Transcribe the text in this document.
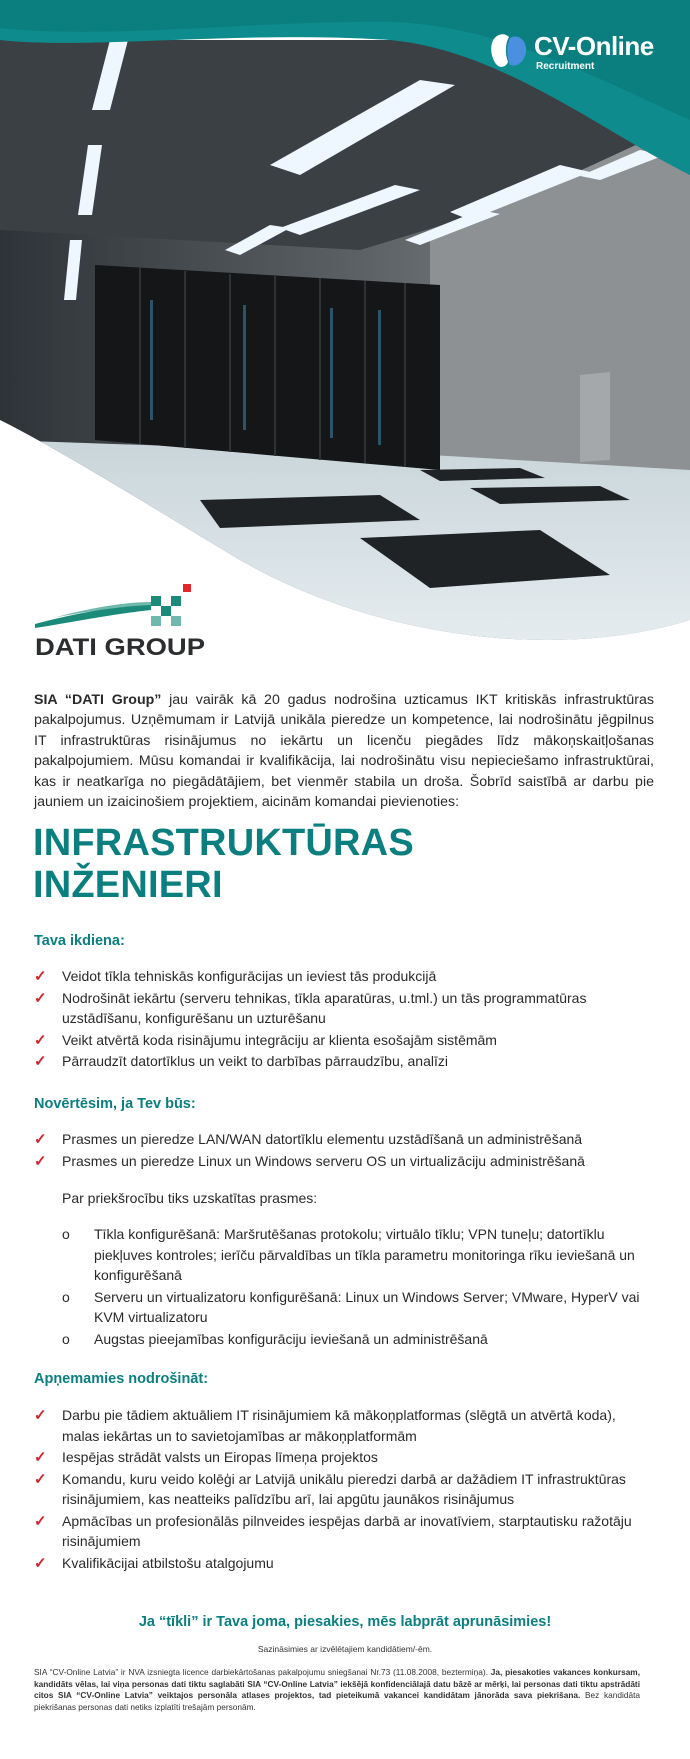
CV-Online
Recruitment
DATI GROUP
SIA “DATI Group” jau vairāk kā 20 gadus nodrošina uzticamus IKT kritiskās infrastruktūras pakalpojumus. Uzņēmumam ir Latvijā unikāla pieredze un kompetence, lai nodrošinātu jēgpilnus IT infrastruktūras risinājumus no iekārtu un licenču piegādes līdz mākoņskaitļošanas pakalpojumiem. Mūsu komandai ir kvalifikācija, lai nodrošinātu visu nepieciešamo infrastruktūrai, kas ir neatkarīga no piegādātājiem, bet vienmēr stabila un droša. Šobrīd saistībā ar darbu pie jauniem un izaicinošiem projektiem, aicinām komandai pievienoties:
INFRASTRUKTŪRAS
INŽENIERI
Tava ikdiena:
✓ Veidot tīkla tehniskās konfigurācijas un ieviest tās produkcijā
✓ Nodrošināt iekārtu (serveru tehnikas, tīkla aparatūras, u.tml.) un tās programmatūras uzstādīšanu, konfigurēšanu un uzturēšanu
✓ Veikt atvērtā koda risinājumu integrāciju ar klienta esošajām sistēmām
✓ Pārraudzīt datortīklus un veikt to darbības pārraudzību, analīzi
Novērtēsim, ja Tev būs:
✓ Prasmes un pieredze LAN/WAN datortīklu elementu uzstādīšanā un administrēšanā
✓ Prasmes un pieredze Linux un Windows serveru OS un virtualizāciju administrēšanā
Par priekšrocību tiks uzskatītas prasmes:
o Tīkla konfigurēšanā: Maršrutēšanas protokolu; virtuālo tīklu; VPN tuneļu; datortīklu piekļuves kontroles; ierīču pārvaldības un tīkla parametru monitoringa rīku ieviešanā un konfigurēšanā
o Serveru un virtualizatoru konfigurēšanā: Linux un Windows Server; VMware, HyperV vai KVM virtualizatoru
o Augstas pieejamības konfigurāciju ieviešanā un administrēšanā
Apņemamies nodrošināt:
✓ Darbu pie tādiem aktuāliem IT risinājumiem kā mākoņplatformas (slēgtā un atvērtā koda), malas iekārtas un to savietojamības ar mākoņplatformām
✓ Iespējas strādāt valsts un Eiropas līmeņa projektos
✓ Komandu, kuru veido kolēģi ar Latvijā unikālu pieredzi darbā ar dažādiem IT infrastruktūras risinājumiem, kas neatteiks palīdzību arī, lai apgūtu jaunākos risinājumus
✓ Apmācības un profesionālās pilnveides iespējas darbā ar inovatīviem, starptautisku ražotāju risinājumiem
✓ Kvalifikācijai atbilstošu atalgojumu
Ja “tīkli” ir Tava joma, piesakies, mēs labprāt aprunāsimies!
Sazināsimies ar izvēlētajiem kandidātiem/-ēm.
SIA “CV-Online Latvia” ir NVA izsniegta licence darbiekārtošanas pakalpojumu sniegšanai Nr.73 (11.08.2008, beztermiņa). Ja, piesakoties vakances konkursam, kandidāts vēlas, lai viņa personas dati tiktu saglabāti SIA “CV-Online Latvia” iekšējā konfidenciālajā datu bāzē ar mērķi, lai personas dati tiktu apstrādāti citos SIA “CV-Online Latvia” veiktajos personāla atlases projektos, tad pieteikumā vakancei kandidātam jānorāda sava piekrišana. Bez kandidāta piekrišanas personas dati netiks izplatīti trešajām personām.
